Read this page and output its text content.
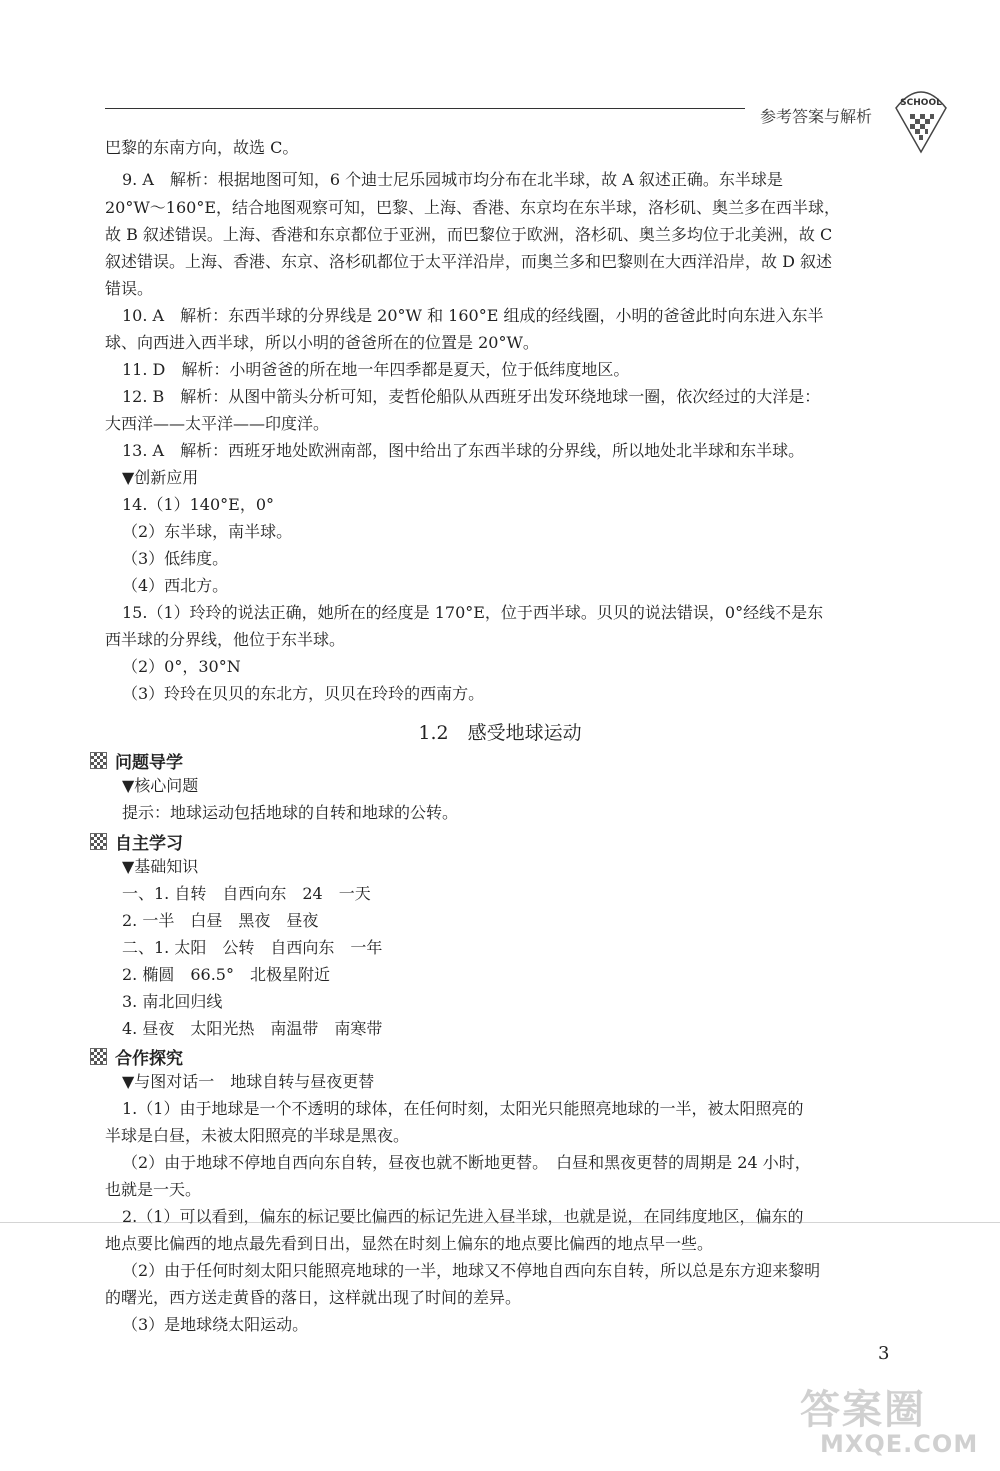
参考答案与解析
SCHOOL
巴黎的东南方向，故选 C。
9. A　解析：根据地图可知，6 个迪士尼乐园城市均分布在北半球，故 A 叙述正确。东半球是
20°W～160°E，结合地图观察可知，巴黎、上海、香港、东京均在东半球，洛杉矶、奥兰多在西半球，
故 B 叙述错误。上海、香港和东京都位于亚洲，而巴黎位于欧洲，洛杉矶、奥兰多均位于北美洲，故 C
叙述错误。上海、香港、东京、洛杉矶都位于太平洋沿岸，而奥兰多和巴黎则在大西洋沿岸，故 D 叙述
错误。
10. A　解析：东西半球的分界线是 20°W 和 160°E 组成的经线圈，小明的爸爸此时向东进入东半
球、向西进入西半球，所以小明的爸爸所在的位置是 20°W。
11. D　解析：小明爸爸的所在地一年四季都是夏天，位于低纬度地区。
12. B　解析：从图中箭头分析可知，麦哲伦船队从西班牙出发环绕地球一圈，依次经过的大洋是：
大西洋——太平洋——印度洋。
13. A　解析：西班牙地处欧洲南部，图中给出了东西半球的分界线，所以地处北半球和东半球。
▼创新应用
14.（1）140°E，0°
（2）东半球，南半球。
（3）低纬度。
（4）西北方。
15.（1）玲玲的说法正确，她所在的经度是 170°E，位于西半球。贝贝的说法错误，0°经线不是东
西半球的分界线，他位于东半球。
（2）0°，30°N
（3）玲玲在贝贝的东北方，贝贝在玲玲的西南方。
1.2　感受地球运动
问题导学
▼核心问题
提示：地球运动包括地球的自转和地球的公转。
自主学习
▼基础知识
一、1. 自转　自西向东　24　一天
2. 一半　白昼　黑夜　昼夜
二、1. 太阳　公转　自西向东　一年
2. 椭圆　66.5°　北极星附近
3. 南北回归线
4. 昼夜　太阳光热　南温带　南寒带
合作探究
▼与图对话一　地球自转与昼夜更替
1.（1）由于地球是一个不透明的球体，在任何时刻，太阳光只能照亮地球的一半，被太阳照亮的
半球是白昼，未被太阳照亮的半球是黑夜。
（2）由于地球不停地自西向东自转，昼夜也就不断地更替。　白昼和黑夜更替的周期是 24 小时，
也就是一天。
2.（1）可以看到，偏东的标记要比偏西的标记先进入昼半球，也就是说，在同纬度地区，偏东的
地点要比偏西的地点最先看到日出，显然在时刻上偏东的地点要比偏西的地点早一些。
（2）由于任何时刻太阳只能照亮地球的一半，地球又不停地自西向东自转，所以总是东方迎来黎明
的曙光，西方送走黄昏的落日，这样就出现了时间的差异。
（3）是地球绕太阳运动。
3
答案圈
MXQE.COM
